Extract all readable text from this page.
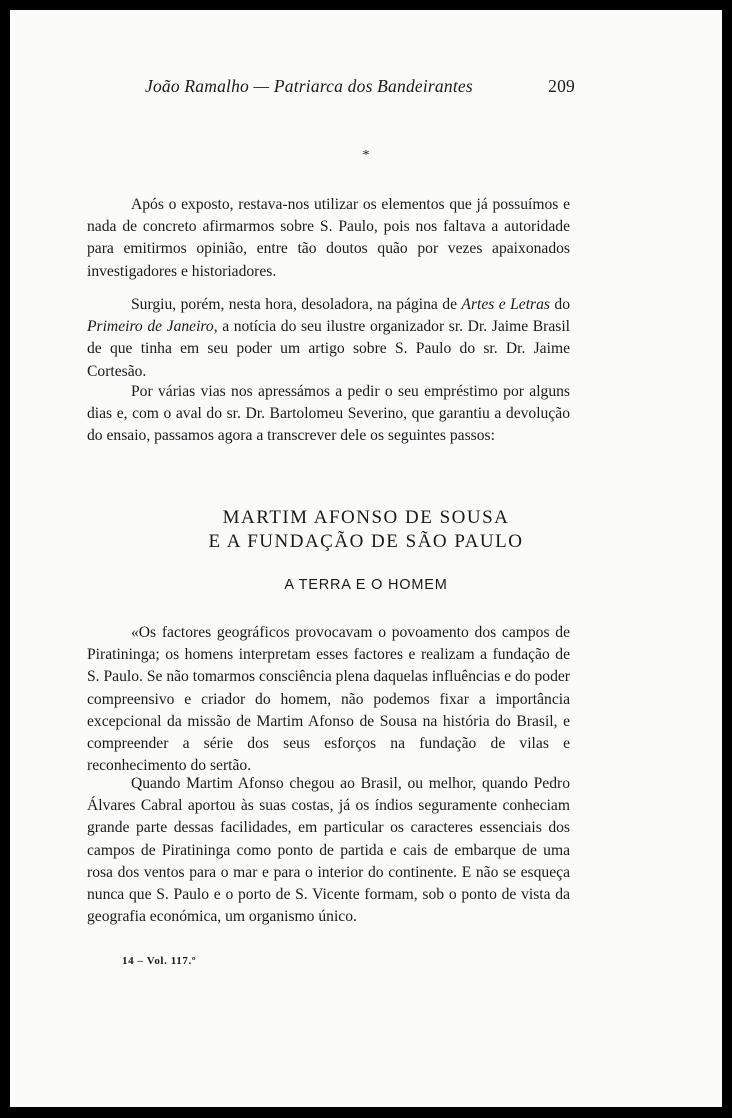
João Ramalho — Patriarca dos Bandeirantes	209
*

Após o exposto, restava-nos utilizar os elementos que já possuímos e nada de concreto afirmarmos sobre S. Paulo, pois nos faltava a autoridade para emitirmos opinião, entre tão doutos quão por vezes apaixonados investigadores e historiadores.

Surgiu, porém, nesta hora, desoladora, na página de Artes e Letras do Primeiro de Janeiro, a notícia do seu ilustre organizador sr. Dr. Jaime Brasil de que tinha em seu poder um artigo sobre S. Paulo do sr. Dr. Jaime Cortesão.

Por várias vias nos apressámos a pedir o seu empréstimo por alguns dias e, com o aval do sr. Dr. Bartolomeu Severino, que garantiu a devolução do ensaio, passamos agora a transcrever dele os seguintes passos:

MARTIM AFONSO DE SOUSA
E A FUNDAÇÃO DE SÃO PAULO
A TERRA E O HOMEM

«Os factores geográficos provocavam o povoamento dos campos de Piratininga; os homens interpretam esses factores e realizam a fundação de S. Paulo. Se não tomarmos consciência plena daquelas influências e do poder compreensivo e criador do homem, não podemos fixar a importância excepcional da missão de Martim Afonso de Sousa na história do Brasil, e compreender a série dos seus esforços na fundação de vilas e reconhecimento do sertão.

Quando Martim Afonso chegou ao Brasil, ou melhor, quando Pedro Álvares Cabral aportou às suas costas, já os índios seguramente conheciam grande parte dessas facilidades, em particular os caracteres essenciais dos campos de Piratininga como ponto de partida e cais de embarque de uma rosa dos ventos para o mar e para o interior do continente. E não se esqueça nunca que S. Paulo e o porto de S. Vicente formam, sob o ponto de vista da geografia económica, um organismo único.

14 – Vol. 117.º
